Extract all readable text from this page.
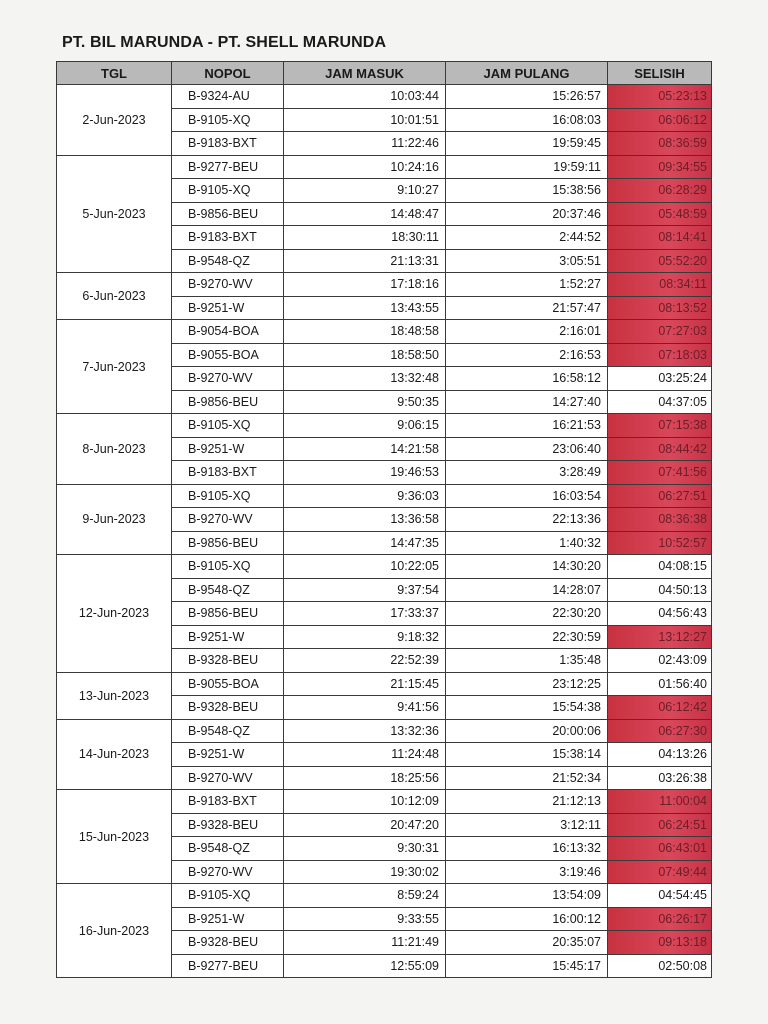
PT. BIL MARUNDA - PT. SHELL MARUNDA
TGL	NOPOL	JAM MASUK	JAM PULANG	SELISIH
2-Jun-2023	B-9324-AU	10:03:44	15:26:57	05:23:13
	B-9105-XQ	10:01:51	16:08:03	06:06:12
	B-9183-BXT	11:22:46	19:59:45	08:36:59
5-Jun-2023	B-9277-BEU	10:24:16	19:59:11	09:34:55
	B-9105-XQ	9:10:27	15:38:56	06:28:29
	B-9856-BEU	14:48:47	20:37:46	05:48:59
	B-9183-BXT	18:30:11	2:44:52	08:14:41
	B-9548-QZ	21:13:31	3:05:51	05:52:20
6-Jun-2023	B-9270-WV	17:18:16	1:52:27	08:34:11
	B-9251-W	13:43:55	21:57:47	08:13:52
7-Jun-2023	B-9054-BOA	18:48:58	2:16:01	07:27:03
	B-9055-BOA	18:58:50	2:16:53	07:18:03
	B-9270-WV	13:32:48	16:58:12	03:25:24
	B-9856-BEU	9:50:35	14:27:40	04:37:05
8-Jun-2023	B-9105-XQ	9:06:15	16:21:53	07:15:38
	B-9251-W	14:21:58	23:06:40	08:44:42
	B-9183-BXT	19:46:53	3:28:49	07:41:56
9-Jun-2023	B-9105-XQ	9:36:03	16:03:54	06:27:51
	B-9270-WV	13:36:58	22:13:36	08:36:38
	B-9856-BEU	14:47:35	1:40:32	10:52:57
12-Jun-2023	B-9105-XQ	10:22:05	14:30:20	04:08:15
	B-9548-QZ	9:37:54	14:28:07	04:50:13
	B-9856-BEU	17:33:37	22:30:20	04:56:43
	B-9251-W	9:18:32	22:30:59	13:12:27
	B-9328-BEU	22:52:39	1:35:48	02:43:09
13-Jun-2023	B-9055-BOA	21:15:45	23:12:25	01:56:40
	B-9328-BEU	9:41:56	15:54:38	06:12:42
14-Jun-2023	B-9548-QZ	13:32:36	20:00:06	06:27:30
	B-9251-W	11:24:48	15:38:14	04:13:26
	B-9270-WV	18:25:56	21:52:34	03:26:38
15-Jun-2023	B-9183-BXT	10:12:09	21:12:13	11:00:04
	B-9328-BEU	20:47:20	3:12:11	06:24:51
	B-9548-QZ	9:30:31	16:13:32	06:43:01
	B-9270-WV	19:30:02	3:19:46	07:49:44
16-Jun-2023	B-9105-XQ	8:59:24	13:54:09	04:54:45
	B-9251-W	9:33:55	16:00:12	06:26:17
	B-9328-BEU	11:21:49	20:35:07	09:13:18
	B-9277-BEU	12:55:09	15:45:17	02:50:08
